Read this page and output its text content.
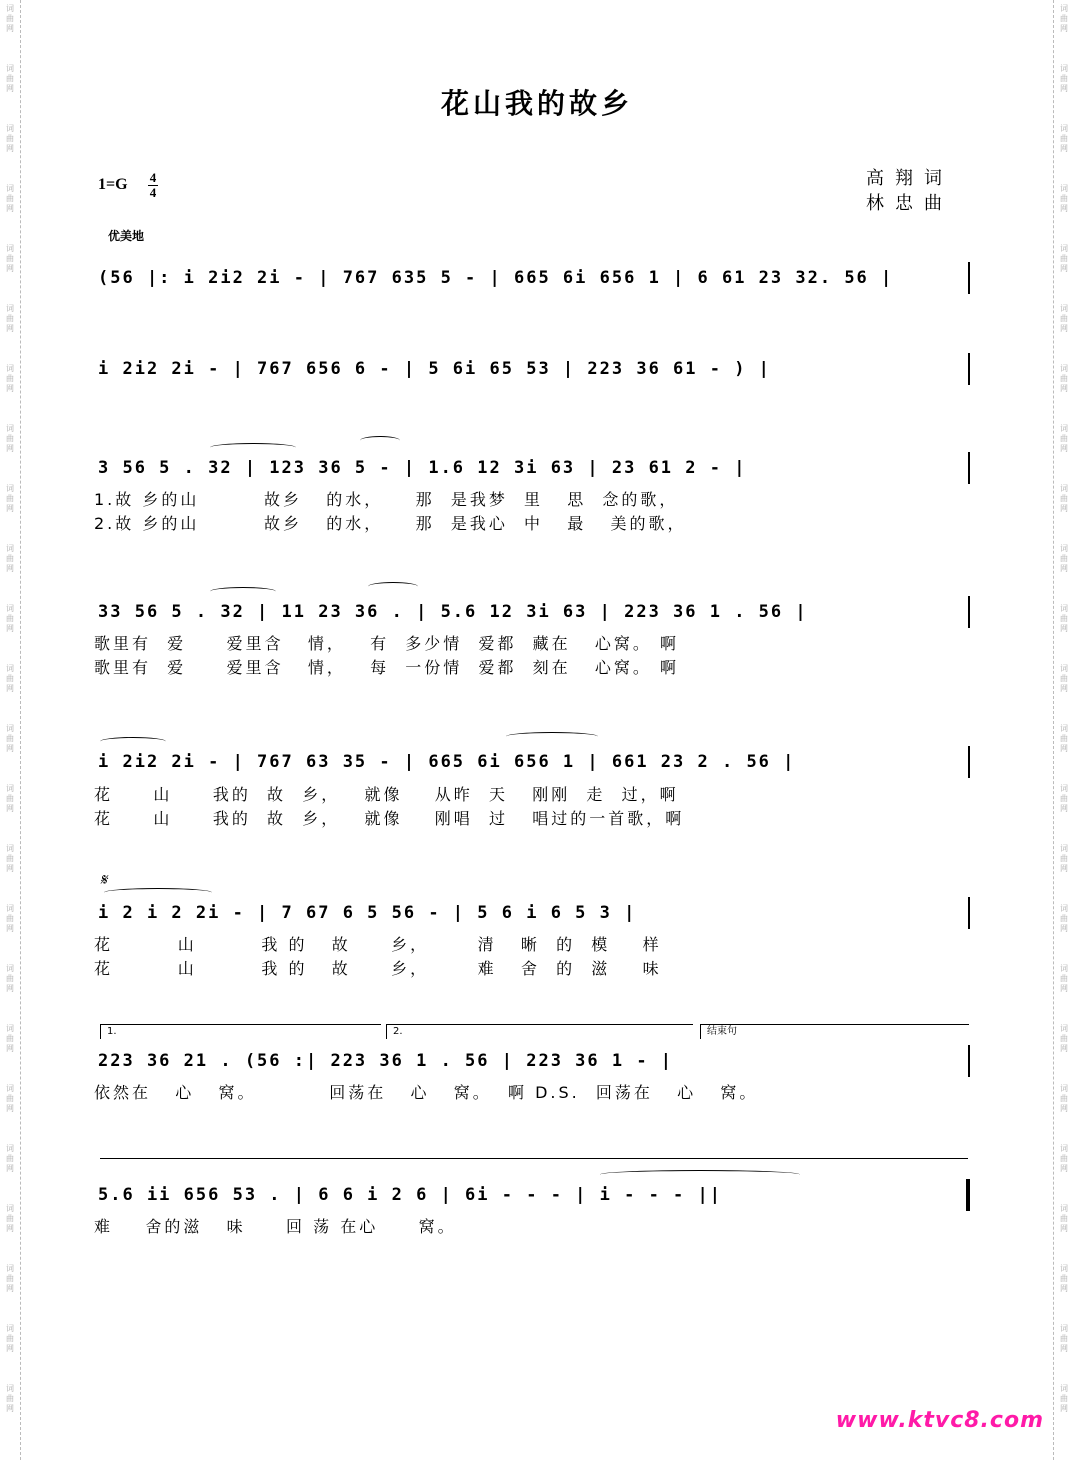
词
曲
网
词
曲
网
词
曲
网
词
曲
网
词
曲
网
词
曲
网
词
曲
网
词
曲
网
词
曲
网
词
曲
网
词
曲
网
词
曲
网
词
曲
网
词
曲
网
词
曲
网
词
曲
网
词
曲
网
词
曲
网
词
曲
网
词
曲
网
词
曲
网
词
曲
网
词
曲
网
词
曲
网
词
曲
网
词
曲
网
词
曲
网
词
曲
网
词
曲
网
词
曲
网
词
曲
网
词
曲
网
词
曲
网
词
曲
网
词
曲
网
词
曲
网
词
曲
网
词
曲
网
词
曲
网
词
曲
网
词
曲
网
词
曲
网
词
曲
网
词
曲
网
词
曲
网
词
曲
网
词
曲
网
词
曲
网
花山我的故乡
1=G 4
4
高翔词
林忠曲
优美地
(56 |: i 2i2 2i - | 767 635 5 - | 665 6i 656 1 | 6 61 23 32. 56 |
i 2i2 2i - | 767 656 6 - | 5 6i 65 53 | 223 36 61 - ) |
3 56 5 . 32 | 123 36 5 - | 1.6 12 3i 63 | 23 61 2 - |
1.故 乡的山        故乡   的水，    那  是我梦  里   思  念的歌，
2.故 乡的山        故乡   的水，    那  是我心  中   最   美的歌，
33 56 5 . 32 | 11 23 36 . | 5.6 12 3i 63 | 223 36 1 . 56 |
歌里有  爱     爱里含   情，   有  多少情  爱都  藏在   心窝。 啊
歌里有  爱     爱里含   情，   每  一份情  爱都  刻在   心窝。 啊
i 2i2 2i - | 767 63 35 - | 665 6i 656 1 | 661 23 2 . 56 |
花     山     我的  故  乡，   就像    从昨  天   刚刚  走  过，啊
花     山     我的  故  乡，   就像    刚唱  过   唱过的一首歌，啊
𝄋
i 2 i 2 2i - | 7 67 6 5 56 - | 5 6 i 6 5 3 |
花        山        我 的   故     乡，      清   晰  的  模    样
花        山        我 的   故     乡，      难   舍  的  滋    味
1.	2.	结束句
223 36 21 . (56 :| 223 36 1 . 56 | 223 36 1 - |
依然在   心   窝。         回荡在   心   窝。  啊 D.S.  回荡在   心   窝。
5.6 ii 656 53 . | 6 6 i 2 6 | 6i - - - | i - - - ||
难    舍的滋   味     回 荡 在心     窝。
www.ktvc8.com
